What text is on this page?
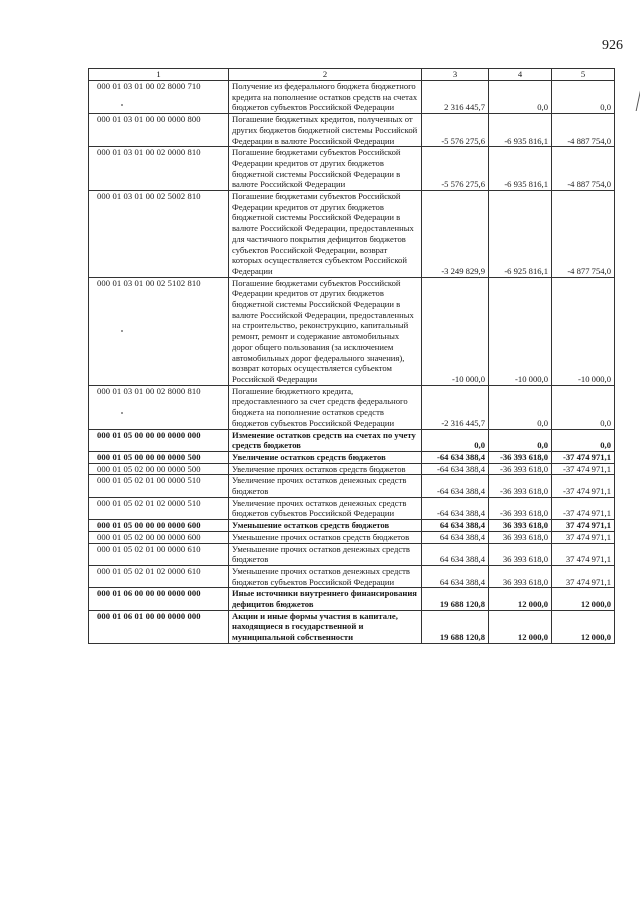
926
1	2	3	4	5
000 01 03 01 00 02 8000 710	Получение из федерального бюджета бюджетного кредита на пополнение остатков средств на счетах бюджетов субъектов Российской Федерации	2 316 445,7	0,0	0,0
000 01 03 01 00 00 0000 800	Погашение бюджетных кредитов, полученных от других бюджетов бюджетной системы Российской Федерации в валюте Российской Федерации	-5 576 275,6	-6 935 816,1	-4 887 754,0
000 01 03 01 00 02 0000 810	Погашение бюджетами субъектов Российской Федерации кредитов от других бюджетов бюджетной системы Российской Федерации в валюте Российской Федерации	-5 576 275,6	-6 935 816,1	-4 887 754,0
000 01 03 01 00 02 5002 810	Погашение бюджетами субъектов Российской Федерации кредитов от других бюджетов бюджетной системы Российской Федерации в валюте Российской Федерации, предоставленных для частичного покрытия дефицитов бюджетов субъектов Российской Федерации, возврат которых осуществляется субъектом Российской Федерации	-3 249 829,9	-6 925 816,1	-4 877 754,0
000 01 03 01 00 02 5102 810	Погашение бюджетами субъектов Российской Федерации кредитов от других бюджетов бюджетной системы Российской Федерации в валюте Российской Федерации, предоставленных на строительство, реконструкцию, капитальный ремонт, ремонт и содержание автомобильных дорог общего пользования (за исключением автомобильных дорог федерального значения), возврат которых осуществляется субъектом Российской Федерации	-10 000,0	-10 000,0	-10 000,0
000 01 03 01 00 02 8000 810	Погашение бюджетного кредита, предоставленного за счет средств федерального бюджета на пополнение остатков средств бюджетов субъектов Российской Федерации	-2 316 445,7	0,0	0,0
000 01 05 00 00 00 0000 000	Изменение остатков средств на счетах по учету средств бюджетов	0,0	0,0	0,0
000 01 05 00 00 00 0000 500	Увеличение остатков средств бюджетов	-64 634 388,4	-36 393 618,0	-37 474 971,1
000 01 05 02 00 00 0000 500	Увеличение прочих остатков средств бюджетов	-64 634 388,4	-36 393 618,0	-37 474 971,1
000 01 05 02 01 00 0000 510	Увеличение прочих остатков денежных средств бюджетов	-64 634 388,4	-36 393 618,0	-37 474 971,1
000 01 05 02 01 02 0000 510	Увеличение прочих остатков денежных средств бюджетов субъектов Российской Федерации	-64 634 388,4	-36 393 618,0	-37 474 971,1
000 01 05 00 00 00 0000 600	Уменьшение остатков средств бюджетов	64 634 388,4	36 393 618,0	37 474 971,1
000 01 05 02 00 00 0000 600	Уменьшение прочих остатков средств бюджетов	64 634 388,4	36 393 618,0	37 474 971,1
000 01 05 02 01 00 0000 610	Уменьшение прочих остатков денежных средств бюджетов	64 634 388,4	36 393 618,0	37 474 971,1
000 01 05 02 01 02 0000 610	Уменьшение прочих остатков денежных средств бюджетов субъектов Российской Федерации	64 634 388,4	36 393 618,0	37 474 971,1
000 01 06 00 00 00 0000 000	Иные источники внутреннего финансирования дефицитов бюджетов	19 688 120,8	12 000,0	12 000,0
000 01 06 01 00 00 0000 000	Акции и иные формы участия в капитале, находящиеся в государственной и муниципальной собственности	19 688 120,8	12 000,0	12 000,0
